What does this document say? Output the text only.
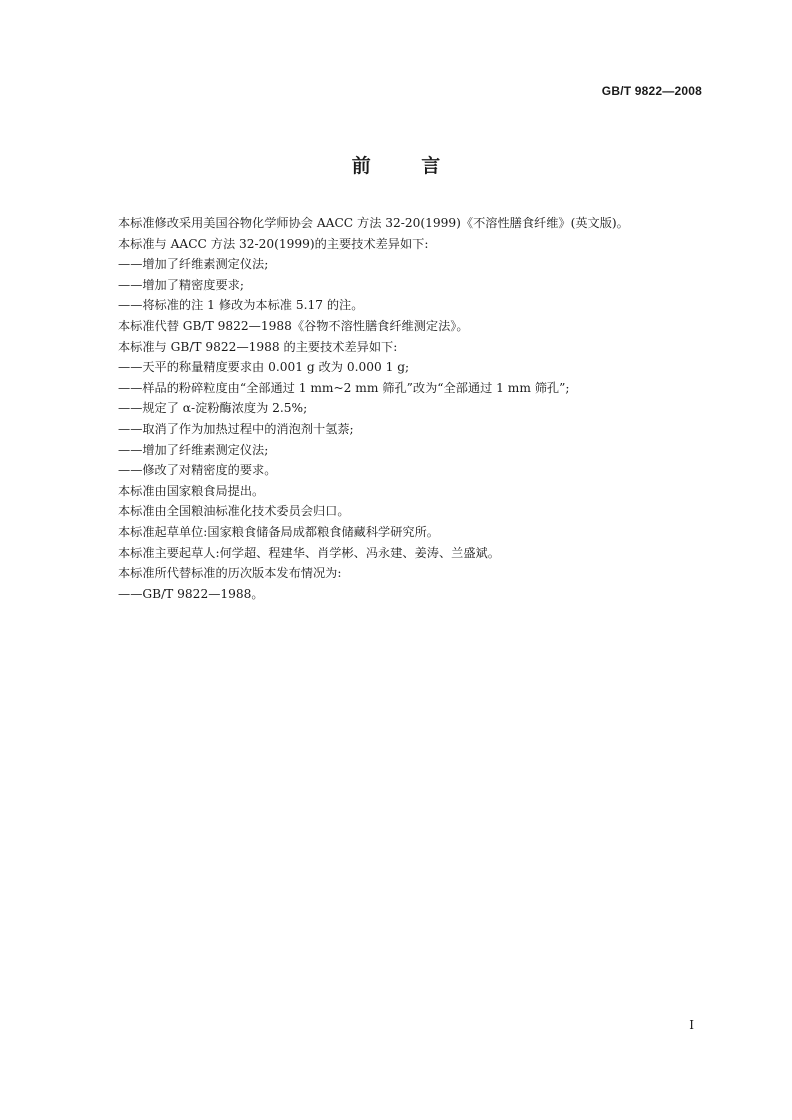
GB/T 9822—2008
前 言
本标准修改采用美国谷物化学师协会 AACC 方法 32-20(1999)《不溶性膳食纤维》(英文版)。
本标准与 AACC 方法 32-20(1999)的主要技术差异如下:
——增加了纤维素测定仪法;
——增加了精密度要求;
——将标准的注 1 修改为本标准 5.17 的注。
本标准代替 GB/T 9822—1988《谷物不溶性膳食纤维测定法》。
本标准与 GB/T 9822—1988 的主要技术差异如下:
——天平的称量精度要求由 0.001 g 改为 0.000 1 g;
——样品的粉碎粒度由“全部通过 1 mm~2 mm 筛孔”改为“全部通过 1 mm 筛孔”;
——规定了 α-淀粉酶浓度为 2.5%;
——取消了作为加热过程中的消泡剂十氢萘;
——增加了纤维素测定仪法;
——修改了对精密度的要求。
本标准由国家粮食局提出。
本标准由全国粮油标准化技术委员会归口。
本标准起草单位:国家粮食储备局成都粮食储藏科学研究所。
本标准主要起草人:何学超、程建华、肖学彬、冯永建、姜涛、兰盛斌。
本标准所代替标准的历次版本发布情况为:
——GB/T 9822—1988。
I
